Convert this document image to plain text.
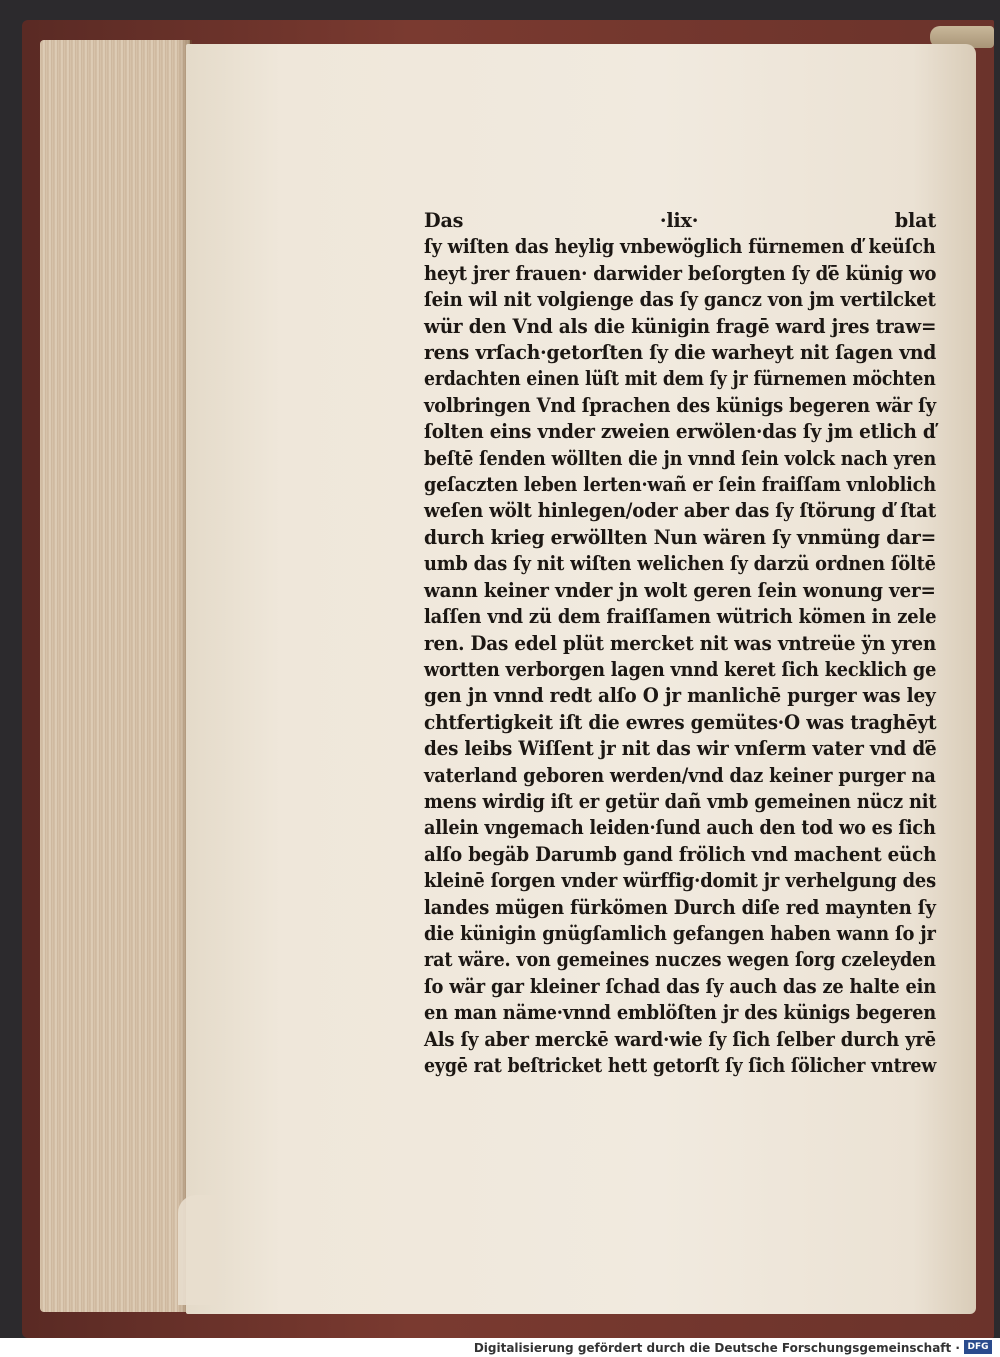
Das	·lix·	blat
ſy wiſten das heylig vnbewöglich fürnemen ď keüſch
heyt jrer frauen· darwider beſorgten ſy ďē künig wo
ſein wil nit volgienge das ſy gancz von jm vertilcket
wür den Vnd als die künigin fragē ward jres traw=
rens vrſach·getorſten ſy die warheyt nit ſagen vnd
erdachten einen lüſt mit dem ſy jr fürnemen möchten
volbringen Vnd ſprachen des künigs begeren wär ſy
ſolten eins vnder zweien erwölen·das ſy jm etlich ď
beſtē ſenden wöllten die jn vnnd ſein volck nach yren
geſaczten leben lerten·wañ er ſein fraiſſam vnloblich
weſen wölt hinlegen/oder aber das ſy ſtörung ď ſtat
durch krieg erwöllten Nun wären ſy vnmüng dar=
umb das ſy nit wiſten welichen ſy darzü ordnen ſöltē
wann keiner vnder jn wolt geren ſein wonung ver=
laſſen vnd zü dem fraiſſamen wütrich kömen in zele
ren. Das edel plüt mercket nit was vntreüe ÿn yren
wortten verborgen lagen vnnd keret ſich kecklich ge
gen jn vnnd redt alſo O jr manlichē purger was ley
chtfertigkeit iſt die ewres gemütes·O was traghēyt
des leibs Wiſſent jr nit das wir vnſerm vater vnd ďē
vaterland geboren werden/vnd daz keiner purger na
mens wirdig iſt er getür dañ vmb gemeinen nücz nit
allein vngemach leiden·ſund auch den tod wo es ſich
alſo begäb Darumb gand frölich vnd machent eüch
kleinē ſorgen vnder würffig·domit jr verhelgung des
landes mügen fürkömen Durch diſe red maynten ſy
die künigin gnügſamlich gefangen haben wann ſo jr
rat wäre. von gemeines nuczes wegen ſorg czeleyden
ſo wär gar kleiner ſchad das ſy auch das ze halte ein
en man näme·vnnd emblöſten jr des künigs begeren
Als ſy aber merckē ward·wie ſy ſich ſelber durch yrē
eygē rat beſtricket hett getorſt ſy ſich ſölicher vntrew
Digitalisierung gefördert durch die Deutsche Forschungsgemeinschaft · DFG
